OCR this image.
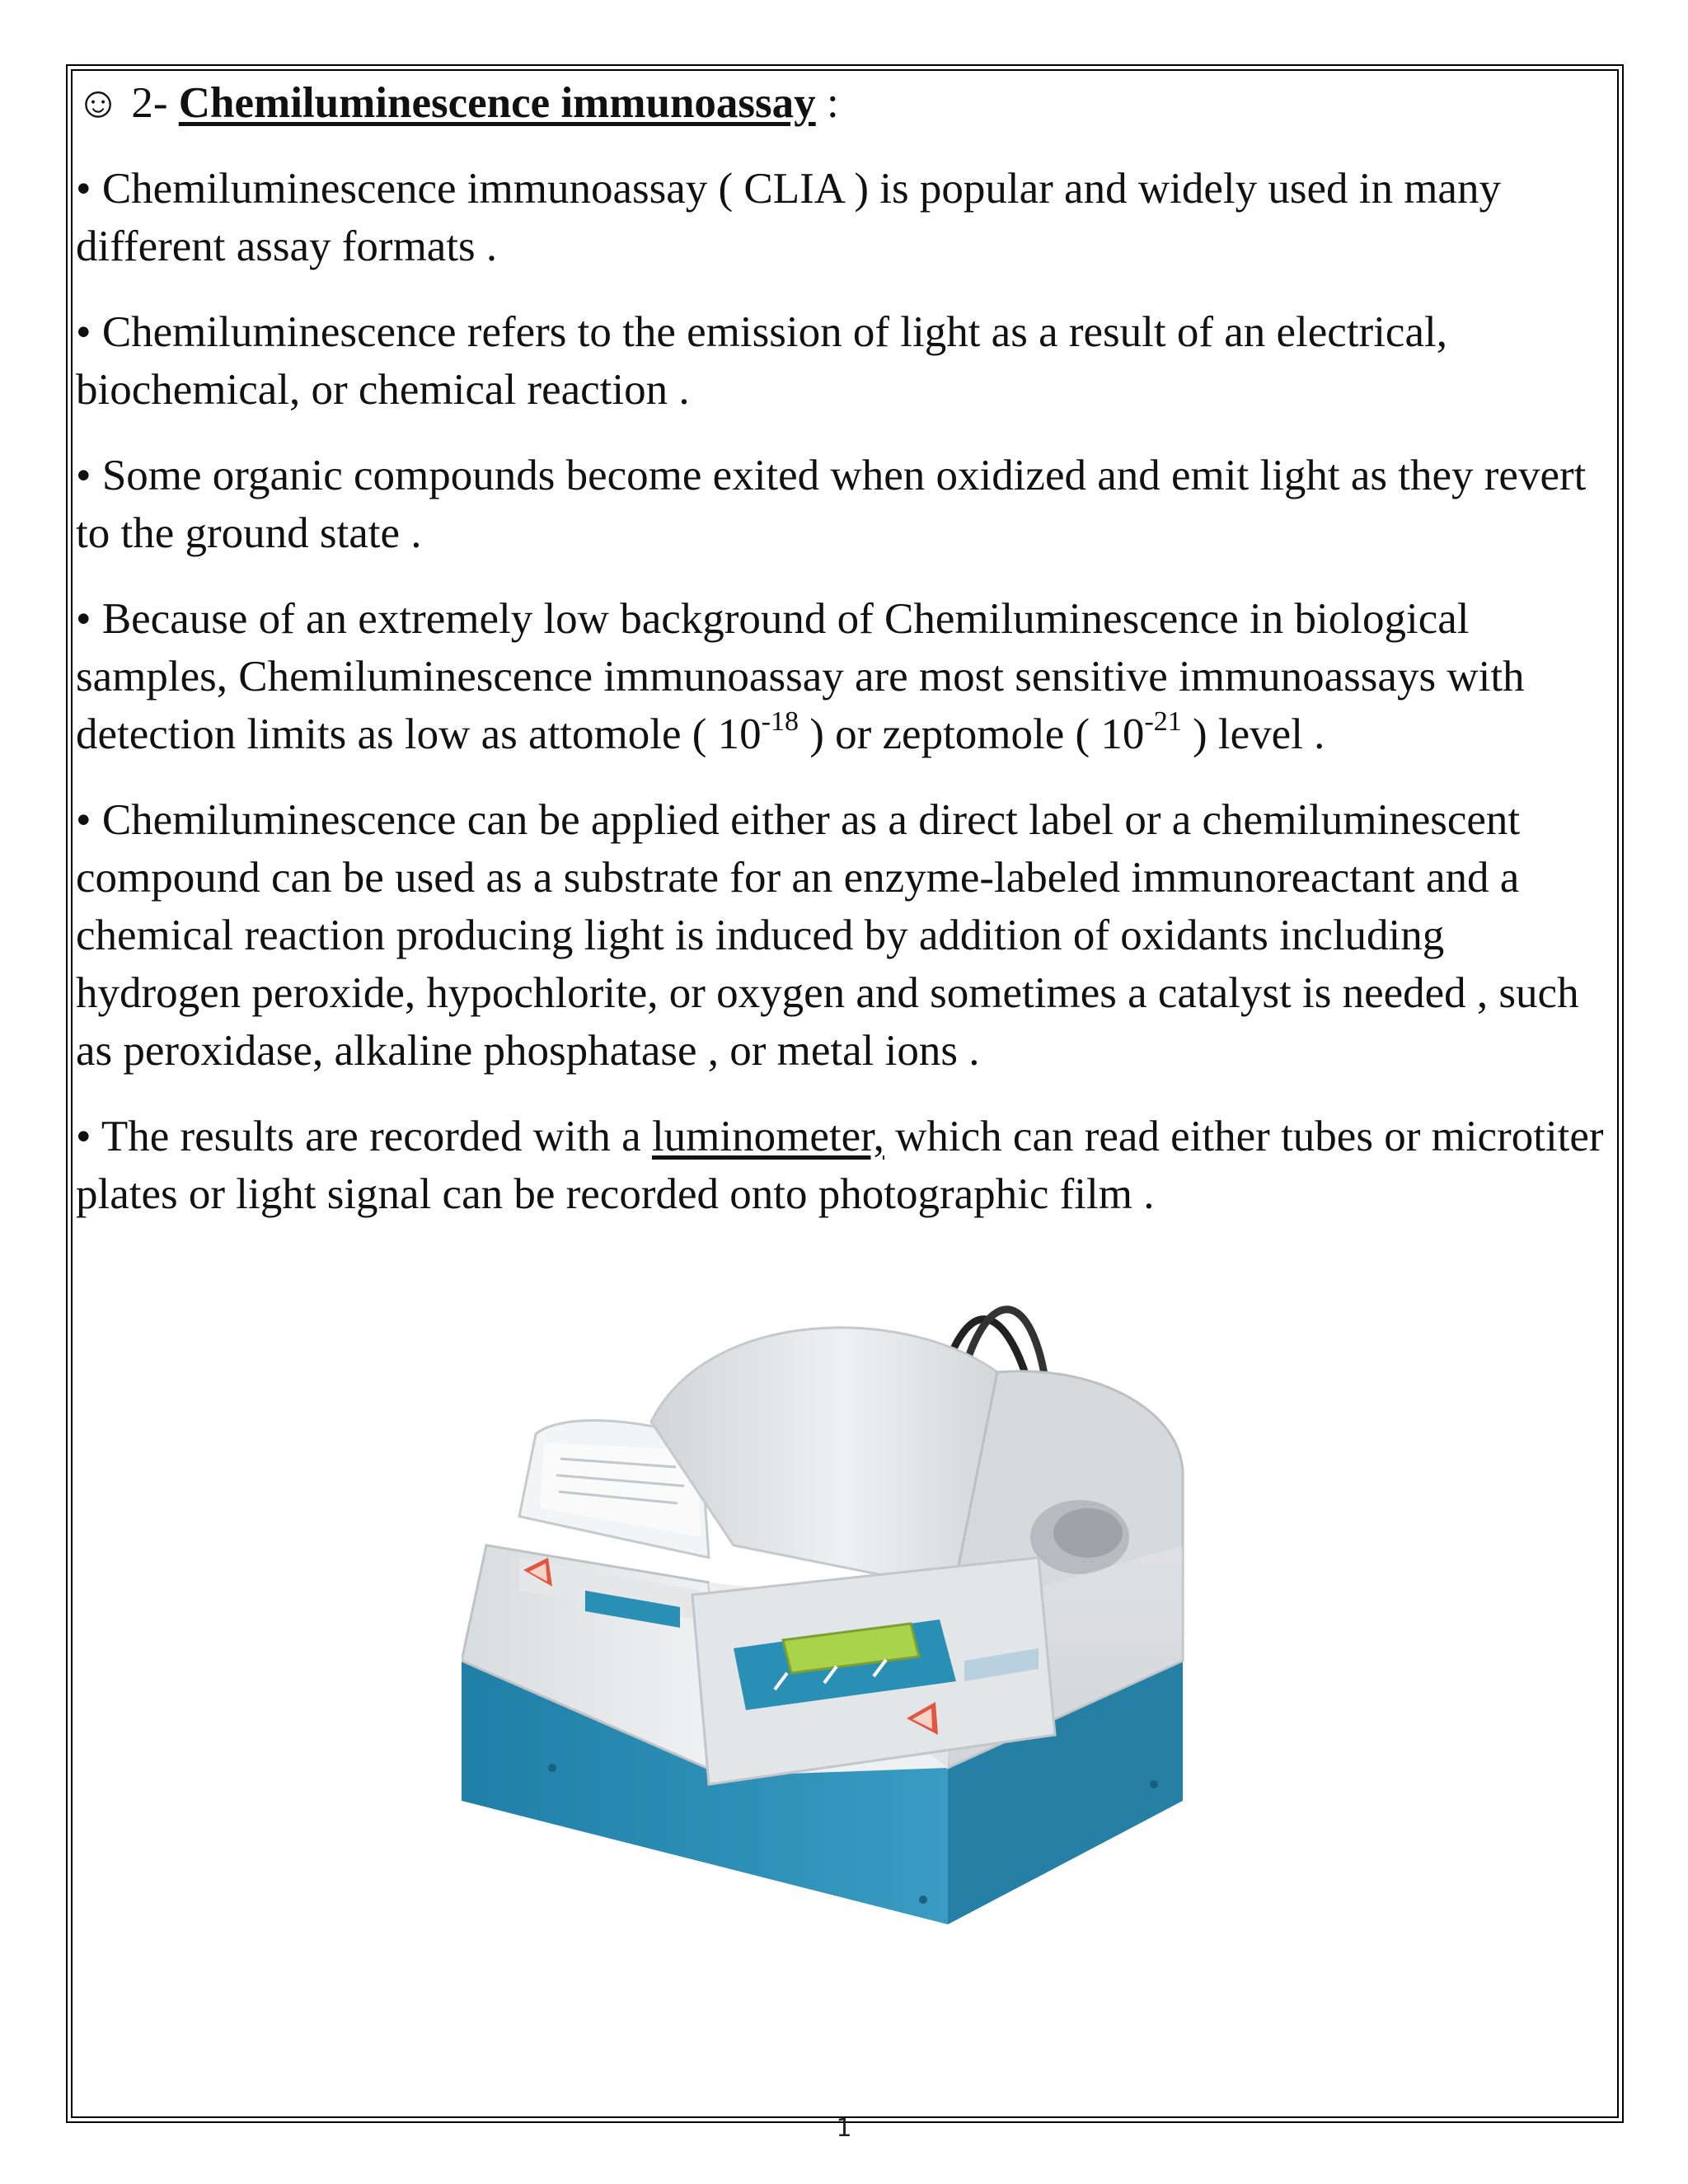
☺ 2- Chemiluminescence immunoassay :

• Chemiluminescence immunoassay ( CLIA ) is popular and widely used in many different assay formats .

• Chemiluminescence refers to the emission of light as a result of an electrical, biochemical, or chemical reaction .

• Some organic compounds become exited when oxidized and emit light as they revert to the ground state .

• Because of an extremely low background of Chemiluminescence in biological samples, Chemiluminescence immunoassay are most sensitive immunoassays with detection limits as low as attomole ( $10^{-18}$ ) or zeptomole ( $10^{-21}$ ) level .

• Chemiluminescence can be applied either as a direct label or a chemiluminescent compound can be used as a substrate for an enzyme-labeled immunoreactant and a chemical reaction producing light is induced by addition of oxidants including hydrogen peroxide, hypochlorite, or oxygen and sometimes a catalyst is needed , such as peroxidase, alkaline phosphatase , or metal ions .

• The results are recorded with a luminometer, which can read either tubes or microtiter plates or light signal can be recorded onto photographic film .

1
